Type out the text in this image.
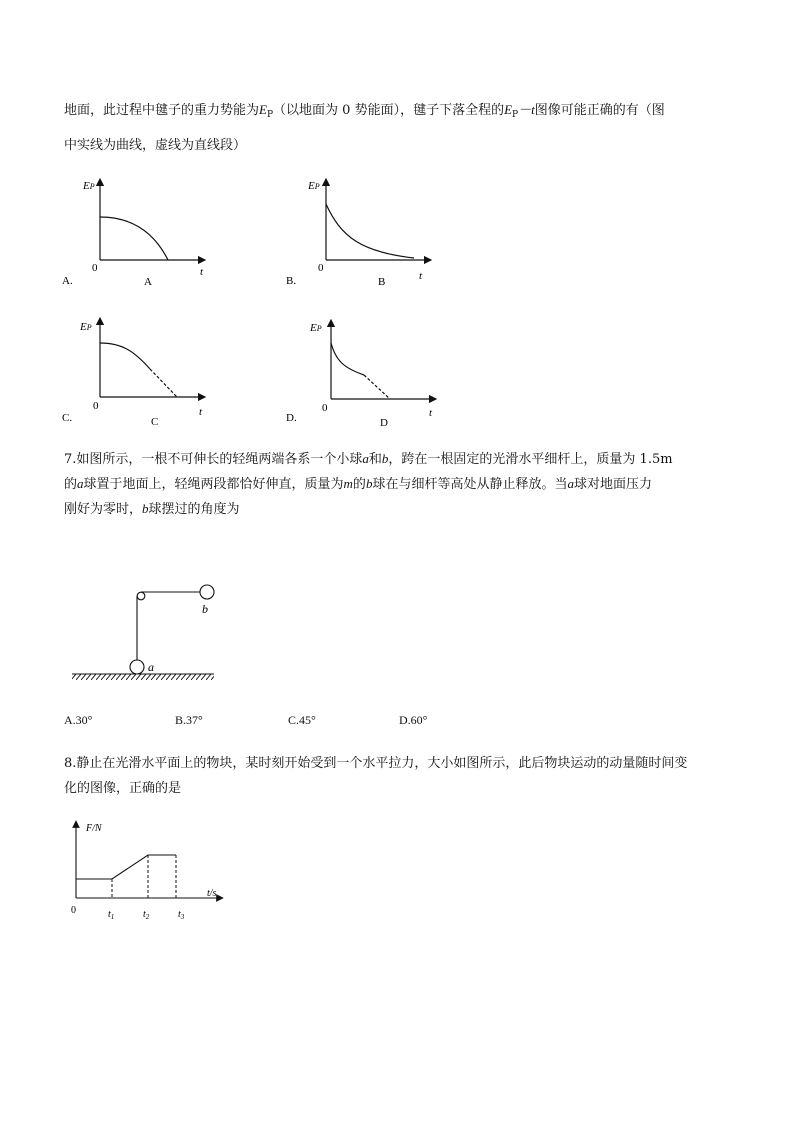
地面，此过程中毽子的重力势能为$E_P$（以地面为 0 势能面），毽子下落全程的$E_P-t$图像可能正确的有（图
中实线为曲线，虚线为直线段）
EP
0	t
A.	A
EP
0
t
B.	B
EP
0	t
C.	C
EP
0	t
D.	D
7.如图所示，一根不可伸长的轻绳两端各系一个小球a和b，跨在一根固定的光滑水平细杆上，质量为 1.5m
的a球置于地面上，轻绳两段都恰好伸直，质量为m的b球在与细杆等高处从静止释放。当a球对地面压力
刚好为零时，b球摆过的角度为
b
a
A.30°	B.37°	C.45°	D.60°
8.静止在光滑水平面上的物块，某时刻开始受到一个水平拉力，大小如图所示，此后物块运动的动量随时间变
化的图像，正确的是
F/N
t/s
0	$t_1$	$t_2$	$t_3$
